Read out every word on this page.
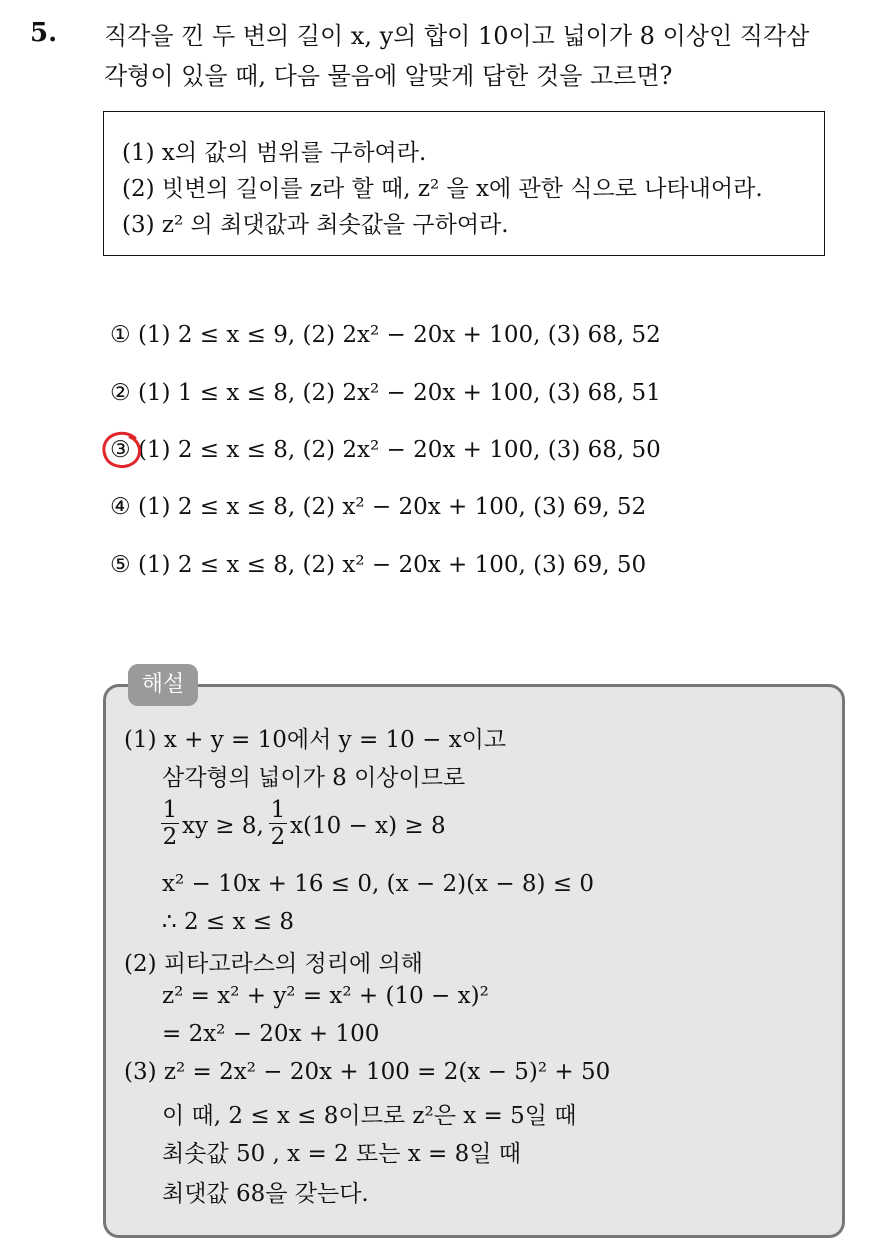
5. 직각을 낀 두 변의 길이 x, y의 합이 10이고 넓이가 8 이상인 직각삼
각형이 있을 때, 다음 물음에 알맞게 답한 것을 고르면?
(1) x의 값의 범위를 구하여라.
(2) 빗변의 길이를 z라 할 때, z² 을 x에 관한 식으로 나타내어라.
(3) z² 의 최댓값과 최솟값을 구하여라.
① (1) 2 ≤ x ≤ 9, (2) 2x² − 20x + 100, (3) 68, 52
② (1) 1 ≤ x ≤ 8, (2) 2x² − 20x + 100, (3) 68, 51
③ (1) 2 ≤ x ≤ 8, (2) 2x² − 20x + 100, (3) 68, 50
④ (1) 2 ≤ x ≤ 8, (2) x² − 20x + 100, (3) 69, 52
⑤ (1) 2 ≤ x ≤ 8, (2) x² − 20x + 100, (3) 69, 50
해설
(1) x + y = 10에서 y = 10 − x이고
삼각형의 넓이가 8 이상이므로
1
2 xy ≥ 8,
1
2 x(10 − x) ≥ 8
x² − 10x + 16 ≤ 0, (x − 2)(x − 8) ≤ 0
∴ 2 ≤ x ≤ 8
(2) 피타고라스의 정리에 의해
z² = x² + y² = x² + (10 − x)²
= 2x² − 20x + 100
(3) z² = 2x² − 20x + 100 = 2(x − 5)² + 50
이 때, 2 ≤ x ≤ 8이므로 z²은 x = 5일 때
최솟값 50 , x = 2 또는 x = 8일 때
최댓값 68을 갖는다.
